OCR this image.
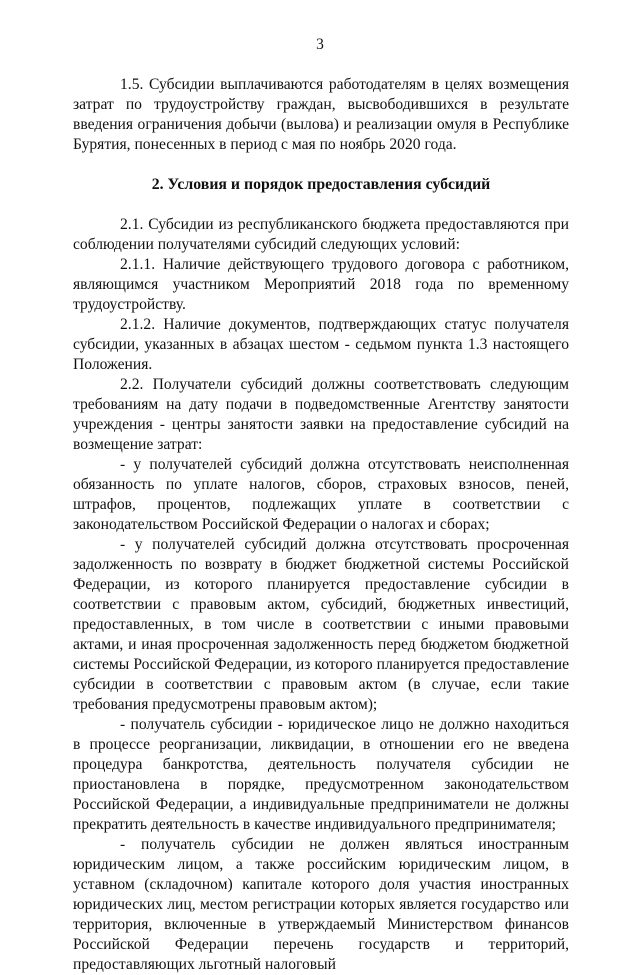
3

1.5. Субсидии выплачиваются работодателям в целях возмещения затрат по трудоустройству граждан, высвободившихся в результате введения ограничения добычи (вылова) и реализации омуля в Республике Бурятия, понесенных в период с мая по ноябрь 2020 года.

2. Условия и порядок предоставления субсидий

2.1. Субсидии из республиканского бюджета предоставляются при соблюдении получателями субсидий следующих условий:

2.1.1. Наличие действующего трудового договора с работником, являющимся участником Мероприятий 2018 года по временному трудоустройству.

2.1.2. Наличие документов, подтверждающих статус получателя субсидии, указанных в абзацах шестом - седьмом пункта 1.3 настоящего Положения.

2.2. Получатели субсидий должны соответствовать следующим требованиям на дату подачи в подведомственные Агентству занятости учреждения - центры занятости заявки на предоставление субсидий на возмещение затрат:

- у получателей субсидий должна отсутствовать неисполненная обязанность по уплате налогов, сборов, страховых взносов, пеней, штрафов, процентов, подлежащих уплате в соответствии с законодательством Российской Федерации о налогах и сборах;

- у получателей субсидий должна отсутствовать просроченная задолженность по возврату в бюджет бюджетной системы Российской Федерации, из которого планируется предоставление субсидии в соответствии с правовым актом, субсидий, бюджетных инвестиций, предоставленных, в том числе в соответствии с иными правовыми актами, и иная просроченная задолженность перед бюджетом бюджетной системы Российской Федерации, из которого планируется предоставление субсидии в соответствии с правовым актом (в случае, если такие требования предусмотрены правовым актом);

- получатель субсидии - юридическое лицо не должно находиться в процессе реорганизации, ликвидации, в отношении его не введена процедура банкротства, деятельность получателя субсидии не приостановлена в порядке, предусмотренном законодательством Российской Федерации, а индивидуальные предприниматели не должны прекратить деятельность в качестве индивидуального предпринимателя;

- получатель субсидии не должен являться иностранным юридическим лицом, а также российским юридическим лицом, в уставном (складочном) капитале которого доля участия иностранных юридических лиц, местом регистрации которых является государство или территория, включенные в утверждаемый Министерством финансов Российской Федерации перечень государств и территорий, предоставляющих льготный налоговый
